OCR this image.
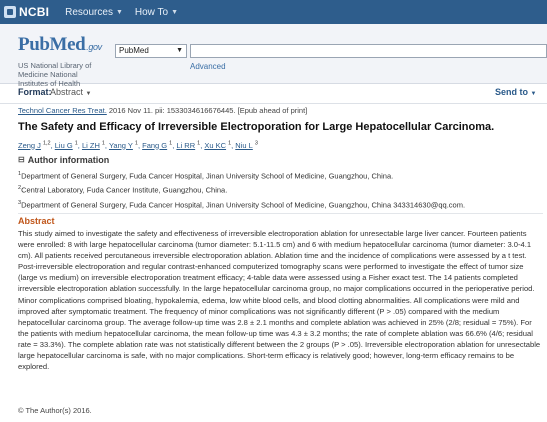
NCBI Resources ▼ How To ▼
PubMed.gov
US National Library of
Medicine National
Institutes of Health
PubMed	▼
Advanced
Format:
Abstract ▼	Send to ▼
Technol Cancer Res Treat. 2016 Nov 11. pii: 1533034616676445. [Epub ahead of print]
The Safety and Efficacy of Irreversible Electroporation for Large Hepatocellular Carcinoma.
Zeng J $^{1,2}$, Liu G $^1$, Li ZH $^1$, Yang Y $^1$, Fang G $^1$, Li RR $^1$, Xu KC $^1$, Niu L $^3$
⊟ Author information
$^1$Department of General Surgery, Fuda Cancer Hospital, Jinan University School of Medicine, Guangzhou, China.
$^2$Central Laboratory, Fuda Cancer Institute, Guangzhou, China.
$^3$Department of General Surgery, Fuda Cancer Hospital, Jinan University School of Medicine, Guangzhou, China 343314630@qq.com.
Abstract
This study aimed to investigate the safety and effectiveness of irreversible electroporation ablation for unresectable large liver cancer. Fourteen patients were enrolled: 8 with large hepatocellular carcinoma (tumor diameter: 5.1-11.5 cm) and 6 with medium hepatocellular carcinoma (tumor diameter: 3.0-4.1 cm). All patients received percutaneous irreversible electroporation ablation. Ablation time and the incidence of complications were assessed by a t test. Post-irreversible electroporation and regular contrast-enhanced computerized tomography scans were performed to investigate the effect of tumor size (large vs medium) on irreversible electroporation treatment efficacy; 4-table data were assessed using a Fisher exact test. The 14 patients completed irreversible electroporation ablation successfully. In the large hepatocellular carcinoma group, no major complications occurred in the perioperative period. Minor complications comprised bloating, hypokalemia, edema, low white blood cells, and blood clotting abnormalities. All complications were mild and improved after symptomatic treatment. The frequency of minor complications was not significantly different (P > .05) compared with the medium hepatocellular carcinoma group. The average follow-up time was 2.8 ± 2.1 months and complete ablation was achieved in 25% (2/8; residual = 75%). For the patients with medium hepatocellular carcinoma, the mean follow-up time was 4.3 ± 3.2 months; the rate of complete ablation was 66.6% (4/6; residual rate = 33.3%). The complete ablation rate was not statistically different between the 2 groups (P > .05). Irreversible electroporation ablation for unresectable large hepatocellular carcinoma is safe, with no major complications. Short-term efficacy is relatively good; however, long-term efficacy remains to be explored.
© The Author(s) 2016.
